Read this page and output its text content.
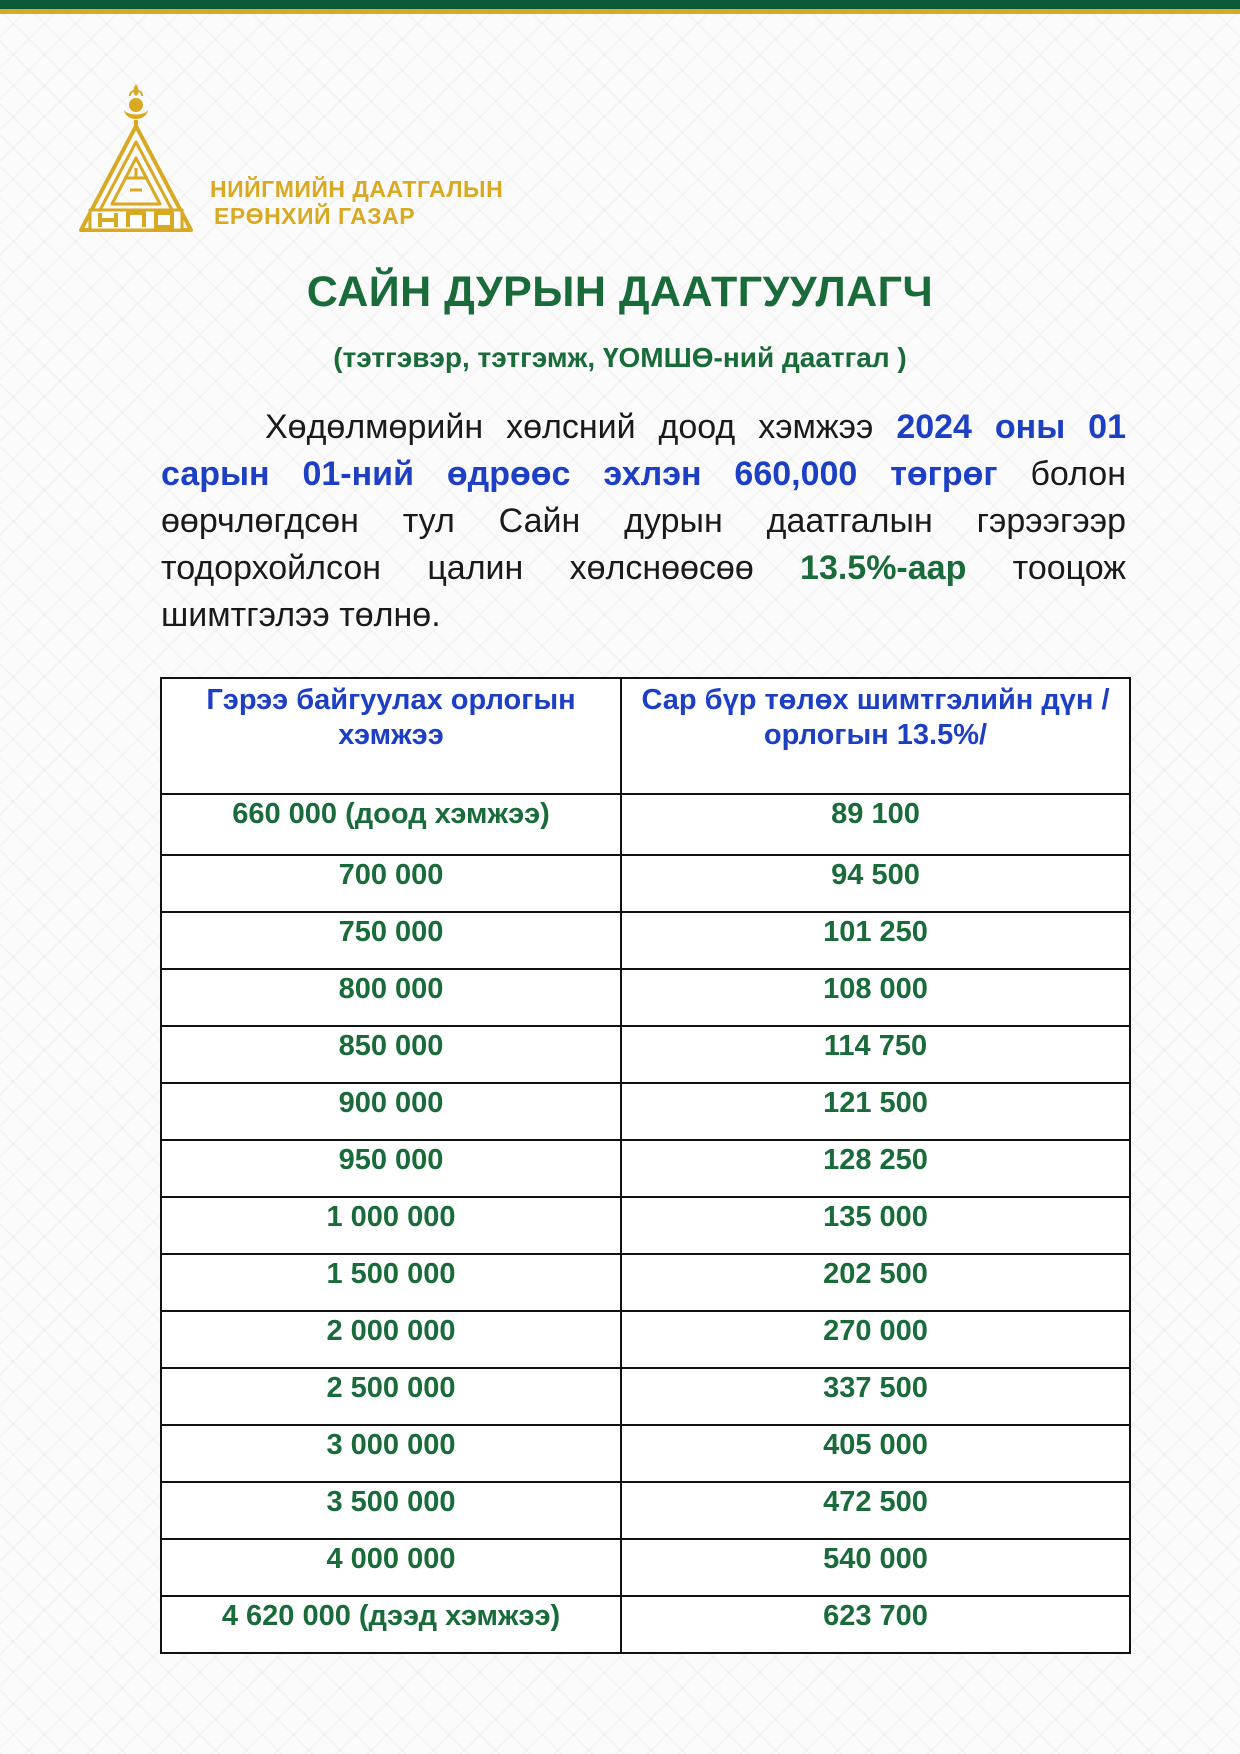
НИЙГМИЙН ДААТГАЛЫН
ЕРӨНХИЙ ГАЗАР
САЙН ДУРЫН ДААТГУУЛАГЧ
(тэтгэвэр, тэтгэмж, ҮОМШӨ-ний даатгал )
Хөдөлмөрийн хөлсний доод хэмжээ 2024 оны 01 сарын 01-ний өдрөөс эхлэн 660,000 төгрөг болон өөрчлөгдсөн тул Сайн дурын даатгалын гэрээгээр тодорхойлсон цалин хөлснөөсөө 13.5%-аар тооцож шимтгэлээ төлнө.
Гэрээ байгуулах орлогын хэмжээ	Сар бүр төлөх шимтгэлийн дүн /орлогын 13.5%/
660 000 (доод хэмжээ)	89 100
700 000	94 500
750 000	101 250
800 000	108 000
850 000	114 750
900 000	121 500
950 000	128 250
1 000 000	135 000
1 500 000	202 500
2 000 000	270 000
2 500 000	337 500
3 000 000	405 000
3 500 000	472 500
4 000 000	540 000
4 620 000 (дээд хэмжээ)	623 700
